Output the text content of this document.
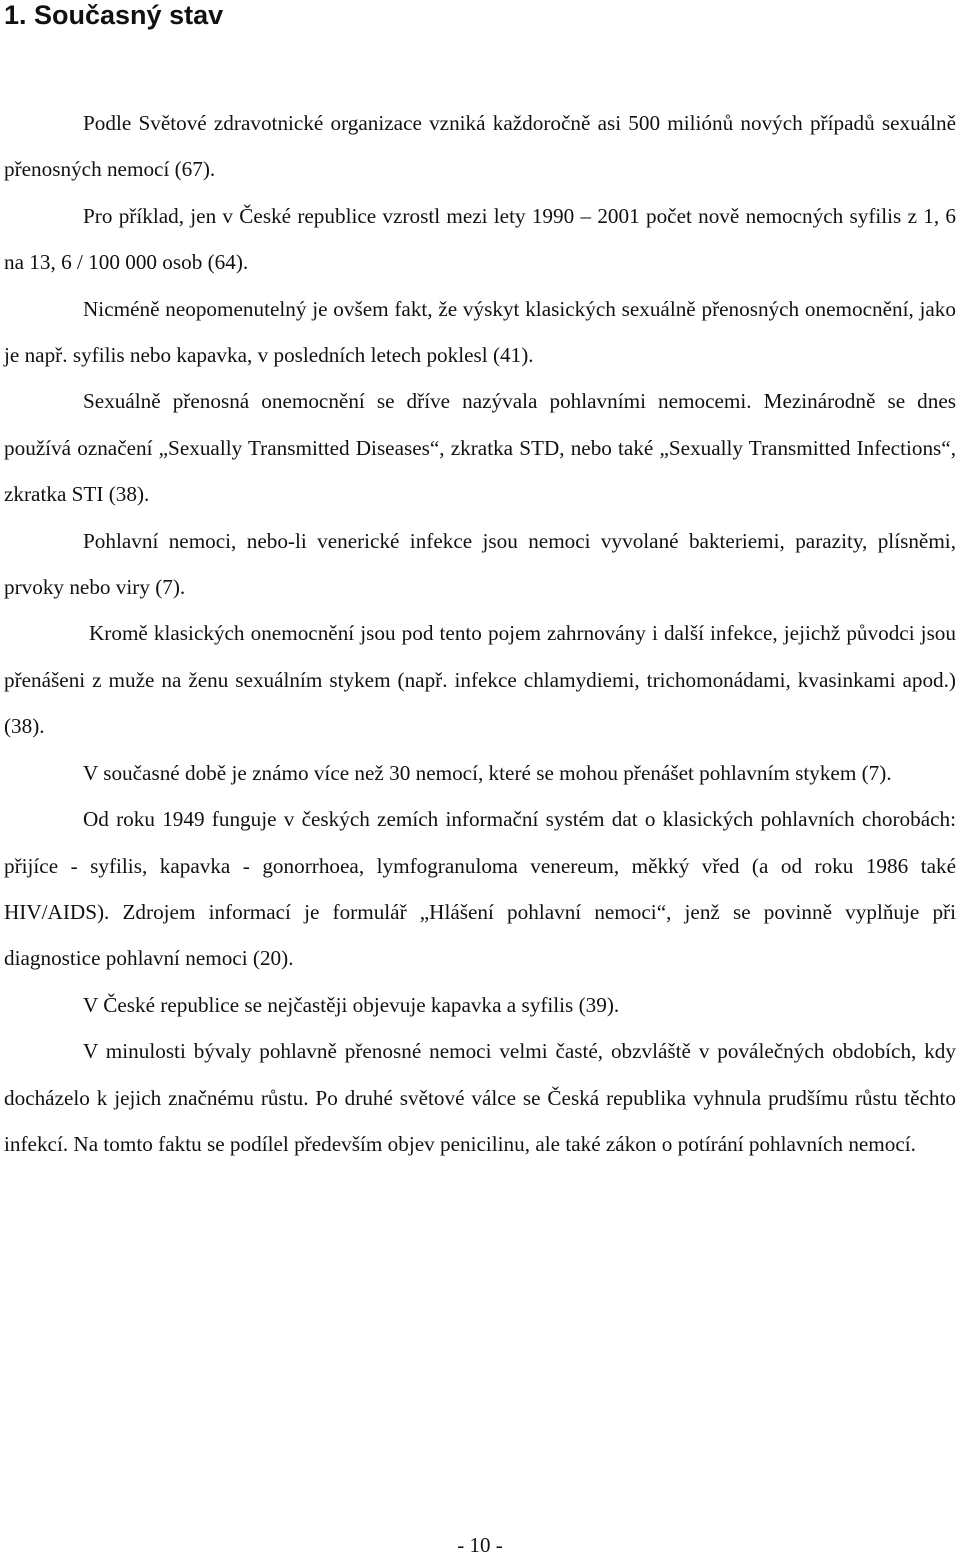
1. Současný stav

Podle Světové zdravotnické organizace vzniká každoročně asi 500 miliónů nových případů sexuálně přenosných nemocí (67).

Pro příklad, jen v České republice vzrostl mezi lety 1990 – 2001 počet nově nemocných syfilis z 1, 6 na 13, 6 / 100 000 osob (64).

Nicméně neopomenutelný je ovšem fakt, že výskyt klasických sexuálně přenosných onemocnění, jako je např. syfilis nebo kapavka, v posledních letech poklesl (41).

Sexuálně přenosná onemocnění se dříve nazývala pohlavními nemocemi. Mezinárodně se dnes používá označení „Sexually Transmitted Diseases“, zkratka STD, nebo také „Sexually Transmitted Infections“, zkratka STI (38).

Pohlavní nemoci, nebo-li venerické infekce jsou nemoci vyvolané bakteriemi, parazity, plísněmi, prvoky nebo viry (7).

Kromě klasických onemocnění jsou pod tento pojem zahrnovány i další infekce, jejichž původci jsou přenášeni z muže na ženu sexuálním stykem (např. infekce chlamydiemi, trichomonádami, kvasinkami apod.) (38).

V současné době je známo více než 30 nemocí, které se mohou přenášet pohlavním stykem (7).

Od roku 1949 funguje v českých zemích informační systém dat o klasických pohlavních chorobách: přijíce - syfilis, kapavka - gonorrhoea, lymfogranuloma venereum, měkký vřed (a od roku 1986 také HIV/AIDS). Zdrojem informací je formulář „Hlášení pohlavní nemoci“, jenž se povinně vyplňuje při diagnostice pohlavní nemoci (20).

V České republice se nejčastěji objevuje kapavka a syfilis (39).

V minulosti bývaly pohlavně přenosné nemoci velmi časté, obzvláště v poválečných obdobích, kdy docházelo k jejich značnému růstu. Po druhé světové válce se Česká republika vyhnula prudšímu růstu těchto infekcí. Na tomto faktu se podílel především objev penicilinu, ale také zákon o potírání pohlavních nemocí.

- 10 -
